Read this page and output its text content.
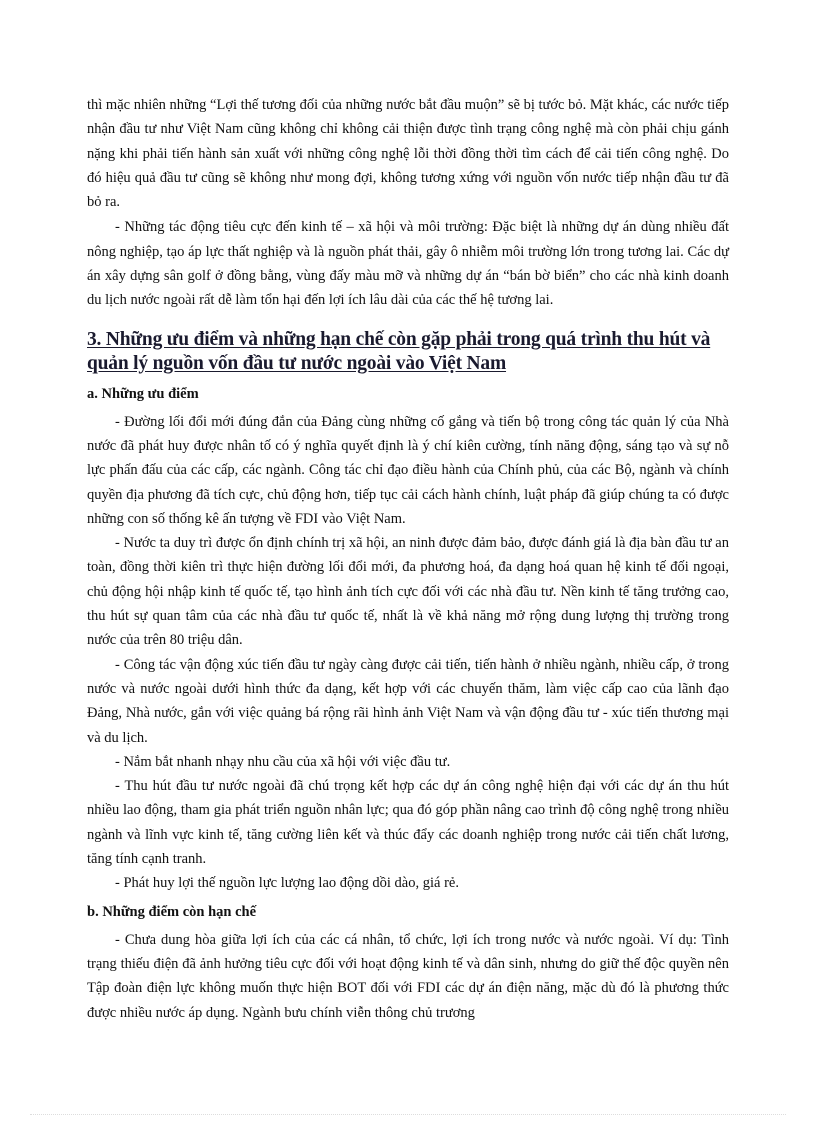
thì mặc nhiên những “Lợi thế tương đối của những nước bắt đầu muộn” sẽ bị tước bỏ. Mặt khác, các nước tiếp nhận đầu tư như Việt Nam cũng không chỉ không cải thiện được tình trạng công nghệ mà còn phải chịu gánh nặng khi phải tiến hành sản xuất với những công nghệ lỗi thời đồng thời tìm cách để cải tiến công nghệ. Do đó hiệu quả đầu tư cũng sẽ không như mong đợi, không tương xứng với nguồn vốn nước tiếp nhận đầu tư đã bỏ ra.

- Những tác động tiêu cực đến kinh tế – xã hội và môi trường: Đặc biệt là những dự án dùng nhiều đất nông nghiệp, tạo áp lực thất nghiệp và là nguồn phát thải, gây ô nhiễm môi trường lớn trong tương lai. Các dự án xây dựng sân golf ở đồng bằng, vùng đấy màu mỡ và những dự án “bán bờ biển” cho các nhà kinh doanh du lịch nước ngoài rất dễ làm tổn hại đến lợi ích lâu dài của các thế hệ tương lai.

3. Những ưu điểm và những hạn chế còn gặp phải trong quá trình thu hút và quản lý nguồn vốn đầu tư nước ngoài vào Việt Nam
a. Những ưu điểm

- Đường lối đổi mới đúng đắn của Đảng cùng những cố gắng và tiến bộ trong công tác quản lý của Nhà nước đã phát huy được nhân tố có ý nghĩa quyết định là ý chí kiên cường, tính năng động, sáng tạo và sự nỗ lực phấn đấu của các cấp, các ngành. Công tác chỉ đạo điều hành của Chính phủ, của các Bộ, ngành và chính quyền địa phương đã tích cực, chủ động hơn, tiếp tục cải cách hành chính, luật pháp đã giúp chúng ta có được những con số thống kê ấn tượng về FDI vào Việt Nam.

- Nước ta duy trì được ổn định chính trị xã hội, an ninh được đảm bảo, được đánh giá là địa bàn đầu tư an toàn, đồng thời kiên trì thực hiện đường lối đổi mới, đa phương hoá, đa dạng hoá quan hệ kinh tế đối ngoại, chủ động hội nhập kinh tế quốc tế, tạo hình ảnh tích cực đối với các nhà đầu tư. Nền kinh tế tăng trưởng cao, thu hút sự quan tâm của các nhà đầu tư quốc tế, nhất là về khả năng mở rộng dung lượng thị trường trong nước của trên 80 triệu dân.

- Công tác vận động xúc tiến đầu tư ngày càng được cải tiến, tiến hành ở nhiều ngành, nhiều cấp, ở trong nước và nước ngoài dưới hình thức đa dạng, kết hợp với các chuyến thăm, làm việc cấp cao của lãnh đạo Đảng, Nhà nước, gắn với việc quảng bá rộng rãi hình ảnh Việt Nam và vận động đầu tư - xúc tiến thương mại và du lịch.

- Nắm bắt nhanh nhạy nhu cầu của xã hội với việc đầu tư.

- Thu hút đầu tư nước ngoài đã chú trọng kết hợp các dự án công nghệ hiện đại với các dự án thu hút nhiều lao động, tham gia phát triển nguồn nhân lực; qua đó góp phần nâng cao trình độ công nghệ trong nhiều ngành và lĩnh vực kinh tế, tăng cường liên kết và thúc đẩy các doanh nghiệp trong nước cải tiến chất lương, tăng tính cạnh tranh.

- Phát huy lợi thế nguồn lực lượng lao động dồi dào, giá rẻ.

b. Những điểm còn hạn chế

- Chưa dung hòa giữa lợi ích của các cá nhân, tổ chức, lợi ích trong nước và nước ngoài. Ví dụ: Tình trạng thiếu điện đã ảnh hưởng tiêu cực đối với hoạt động kinh tế và dân sinh, nhưng do giữ thế độc quyền nên Tập đoàn điện lực không muốn thực hiện BOT đối với FDI các dự án điện năng, mặc dù đó là phương thức được nhiều nước áp dụng. Ngành bưu chính viễn thông chủ trương
